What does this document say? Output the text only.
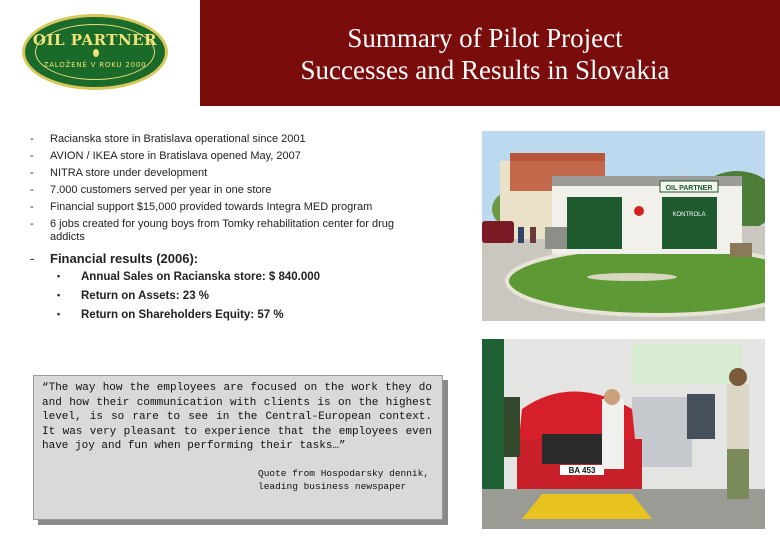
OIL PARTNER
ZALOŽENÉ V ROKU 2000
Summary of Pilot Project
Successes and Results in Slovakia
- Racianska store in Bratislava operational since 2001
- AVION / IKEA store in Bratislava opened May, 2007
- NITRA store under development
- 7.000 customers served per year in one store
- Financial support $15,000 provided towards Integra MED program
- 6 jobs created for young boys from Tomky rehabilitation center for drug addicts
- Financial results (2006):
• Annual Sales on Racianska store: $ 840.000
• Return on Assets: 23 %
• Return on Shareholders Equity: 57 %
“The way how the employees are focused on the work they do and how their communication with clients is on the highest level, is so rare to see in the Central-European context. It was very pleasant to experience that the employees even have joy and fun when performing their tasks…”
Quote from Hospodarsky dennik,
leading business newspaper
OIL PARTNER
KONTROLA
BA 453
